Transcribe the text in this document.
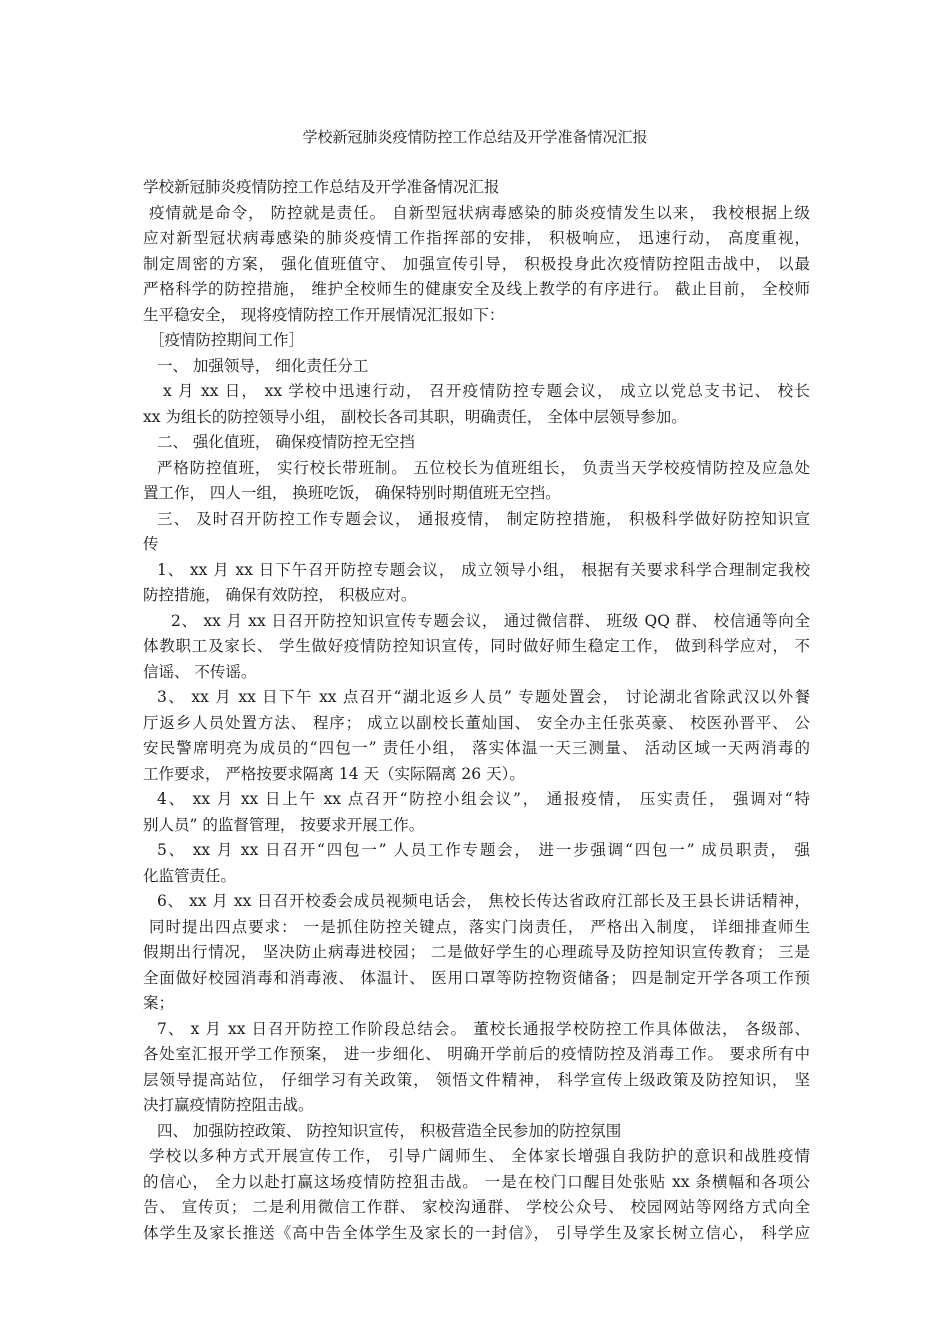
学校新冠肺炎疫情防控工作总结及开学准备情况汇报
学校新冠肺炎疫情防控工作总结及开学准备情况汇报
疫情就是命令， 防控就是责任。 自新型冠状病毒感染的肺炎疫情发生以来， 我校根据上级
应对新型冠状病毒感染的肺炎疫情工作指挥部的安排， 积极响应， 迅速行动， 高度重视，
制定周密的方案， 强化值班值守、 加强宣传引导， 积极投身此次疫情防控阻击战中， 以最
严格科学的防控措施， 维护全校师生的健康安全及线上教学的有序进行。 截止目前， 全校师
生平稳安全， 现将疫情防控工作开展情况汇报如下：
［疫情防控期间工作］
一、 加强领导， 细化责任分工
x 月 xx 日， xx 学校中迅速行动， 召开疫情防控专题会议， 成立以党总支书记、 校长
xx 为组长的防控领导小组， 副校长各司其职，明确责任， 全体中层领导参加。
二、 强化值班， 确保疫情防控无空挡
严格防控值班， 实行校长带班制。 五位校长为值班组长， 负责当天学校疫情防控及应急处
置工作， 四人一组， 换班吃饭， 确保特别时期值班无空挡。
三、 及时召开防控工作专题会议， 通报疫情， 制定防控措施， 积极科学做好防控知识宣
传
1、 xx 月 xx 日下午召开防控专题会议， 成立领导小组， 根据有关要求科学合理制定我校
防控措施， 确保有效防控， 积极应对。
2、 xx 月 xx 日召开防控知识宣传专题会议， 通过微信群、 班级 QQ 群、 校信通等向全
体教职工及家长、 学生做好疫情防控知识宣传，同时做好师生稳定工作， 做到科学应对， 不
信谣、 不传谣。
3、 xx 月 xx 日下午 xx 点召开“湖北返乡人员” 专题处置会， 讨论湖北省除武汉以外餐
厅返乡人员处置方法、 程序； 成立以副校长董灿国、 安全办主任张英豪、 校医孙晋平、 公
安民警席明亮为成员的“四包一” 责任小组， 落实体温一天三测量、 活动区域一天两消毒的
工作要求， 严格按要求隔离 14 天（实际隔离 26 天）。
4、 xx 月 xx 日上午 xx 点召开“防控小组会议”， 通报疫情， 压实责任， 强调对“特
别人员” 的监督管理， 按要求开展工作。
5、 xx 月 xx 日召开“四包一” 人员工作专题会， 进一步强调“四包一” 成员职责， 强
化监管责任。
6、 xx 月 xx 日召开校委会成员视频电话会， 焦校长传达省政府江部长及王县长讲话精神，
同时提出四点要求： 一是抓住防控关键点，落实门岗责任， 严格出入制度， 详细排查师生
假期出行情况， 坚决防止病毒进校园； 二是做好学生的心理疏导及防控知识宣传教育； 三是
全面做好校园消毒和消毒液、 体温计、 医用口罩等防控物资储备； 四是制定开学各项工作预
案；
7、 x 月 xx 日召开防控工作阶段总结会。 董校长通报学校防控工作具体做法， 各级部、
各处室汇报开学工作预案， 进一步细化、 明确开学前后的疫情防控及消毒工作。 要求所有中
层领导提高站位， 仔细学习有关政策， 领悟文件精神， 科学宣传上级政策及防控知识， 坚
决打赢疫情防控阻击战。
四、 加强防控政策、 防控知识宣传， 积极营造全民参加的防控氛围
学校以多种方式开展宣传工作， 引导广阔师生、 全体家长增强自我防护的意识和战胜疫情
的信心， 全力以赴打赢这场疫情防控狙击战。 一是在校门口醒目处张贴 xx 条横幅和各项公
告、 宣传页； 二是利用微信工作群、 家校沟通群、 学校公众号、 校园网站等网络方式向全
体学生及家长推送《高中告全体学生及家长的一封信》， 引导学生及家长树立信心， 科学应
